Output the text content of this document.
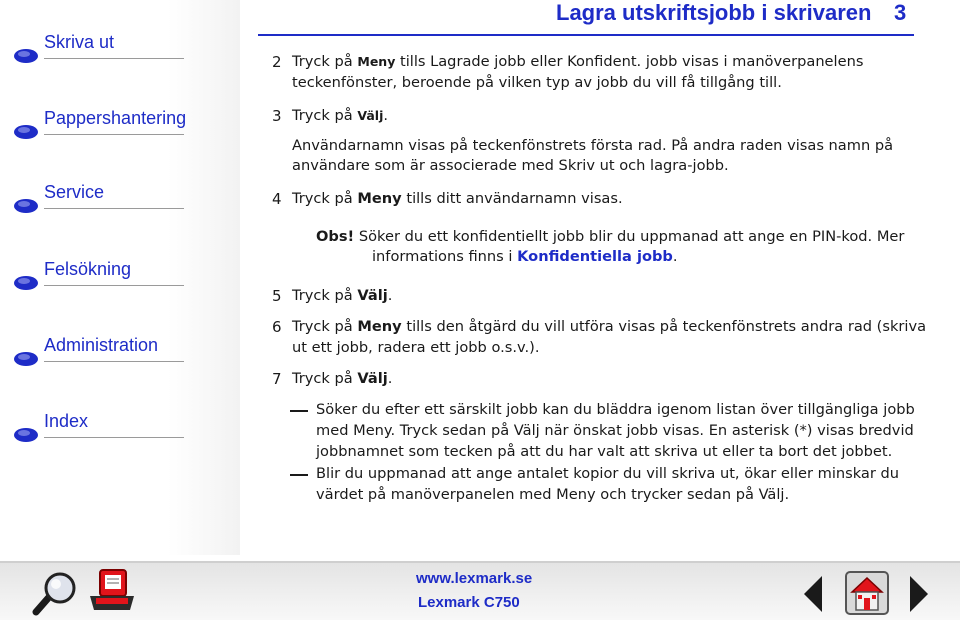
Skriva ut
Pappershantering
Service
Felsökning
Administration
Index
Lagra utskriftsjobb i skrivaren 3
2 Tryck på Meny tills Lagrade jobb eller Konfident. jobb visas i manöverpanelens
teckenfönster, beroende på vilken typ av jobb du vill få tillgång till.
3 Tryck på Välj.
Användarnamn visas på teckenfönstrets första rad. På andra raden visas namn på
användare som är associerade med Skriv ut och lagra-jobb.
4 Tryck på Meny tills ditt användarnamn visas.
Obs! Söker du ett konfidentiellt jobb blir du uppmanad att ange en PIN-kod. Mer
informations finns i Konfidentiella jobb.
5 Tryck på Välj.
6 Tryck på Meny tills den åtgärd du vill utföra visas på teckenfönstrets andra rad (skriva
ut ett jobb, radera ett jobb o.s.v.).
7 Tryck på Välj.
Söker du efter ett särskilt jobb kan du bläddra igenom listan över tillgängliga jobb
med Meny. Tryck sedan på Välj när önskat jobb visas. En asterisk (*) visas bredvid
jobbnamnet som tecken på att du har valt att skriva ut eller ta bort det jobbet.
Blir du uppmanad att ange antalet kopior du vill skriva ut, ökar eller minskar du
värdet på manöverpanelen med Meny och trycker sedan på Välj.
www.lexmark.se
Lexmark C750
